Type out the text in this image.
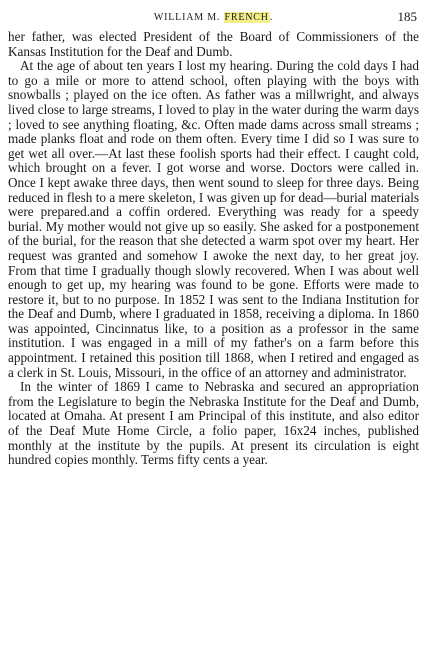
WILLIAM M. FRENCH.	185

her father, was elected President of the Board of Commissioners of the Kansas Institution for the Deaf and Dumb.

At the age of about ten years I lost my hearing. During the cold days I had to go a mile or more to attend school, often playing with the boys with snowballs ; played on the ice often. As father was a millwright, and always lived close to large streams, I loved to play in the water during the warm days ; loved to see anything floating, &c. Often made dams across small streams ; made planks float and rode on them often. Every time I did so I was sure to get wet all over.—At last these foolish sports had their effect. I caught cold, which brought on a fever. I got worse and worse. Doctors were called in. Once I kept awake three days, then went sound to sleep for three days. Being reduced in flesh to a mere skeleton, I was given up for dead—burial materials were prepared.and a coffin ordered. Everything was ready for a speedy burial. My mother would not give up so easily. She asked for a postponement of the burial, for the reason that she detected a warm spot over my heart. Her request was granted and somehow I awoke the next day, to her great joy. From that time I gradually though slowly recovered. When I was about well enough to get up, my hearing was found to be gone. Efforts were made to restore it, but to no purpose. In 1852 I was sent to the Indiana Institution for the Deaf and Dumb, where I graduated in 1858, receiving a diploma. In 1860 was appointed, Cincinnatus like, to a position as a professor in the same institution. I was engaged in a mill of my father's on a farm before this appointment. I retained this position till 1868, when I retired and engaged as a clerk in St. Louis, Missouri, in the office of an attorney and administrator.

In the winter of 1869 I came to Nebraska and secured an appropriation from the Legislature to begin the Nebraska Institute for the Deaf and Dumb, located at Omaha. At present I am Principal of this institute, and also editor of the Deaf Mute Home Circle, a folio paper, 16x24 inches, published monthly at the institute by the pupils. At present its circulation is eight hundred copies monthly. Terms fifty cents a year.
